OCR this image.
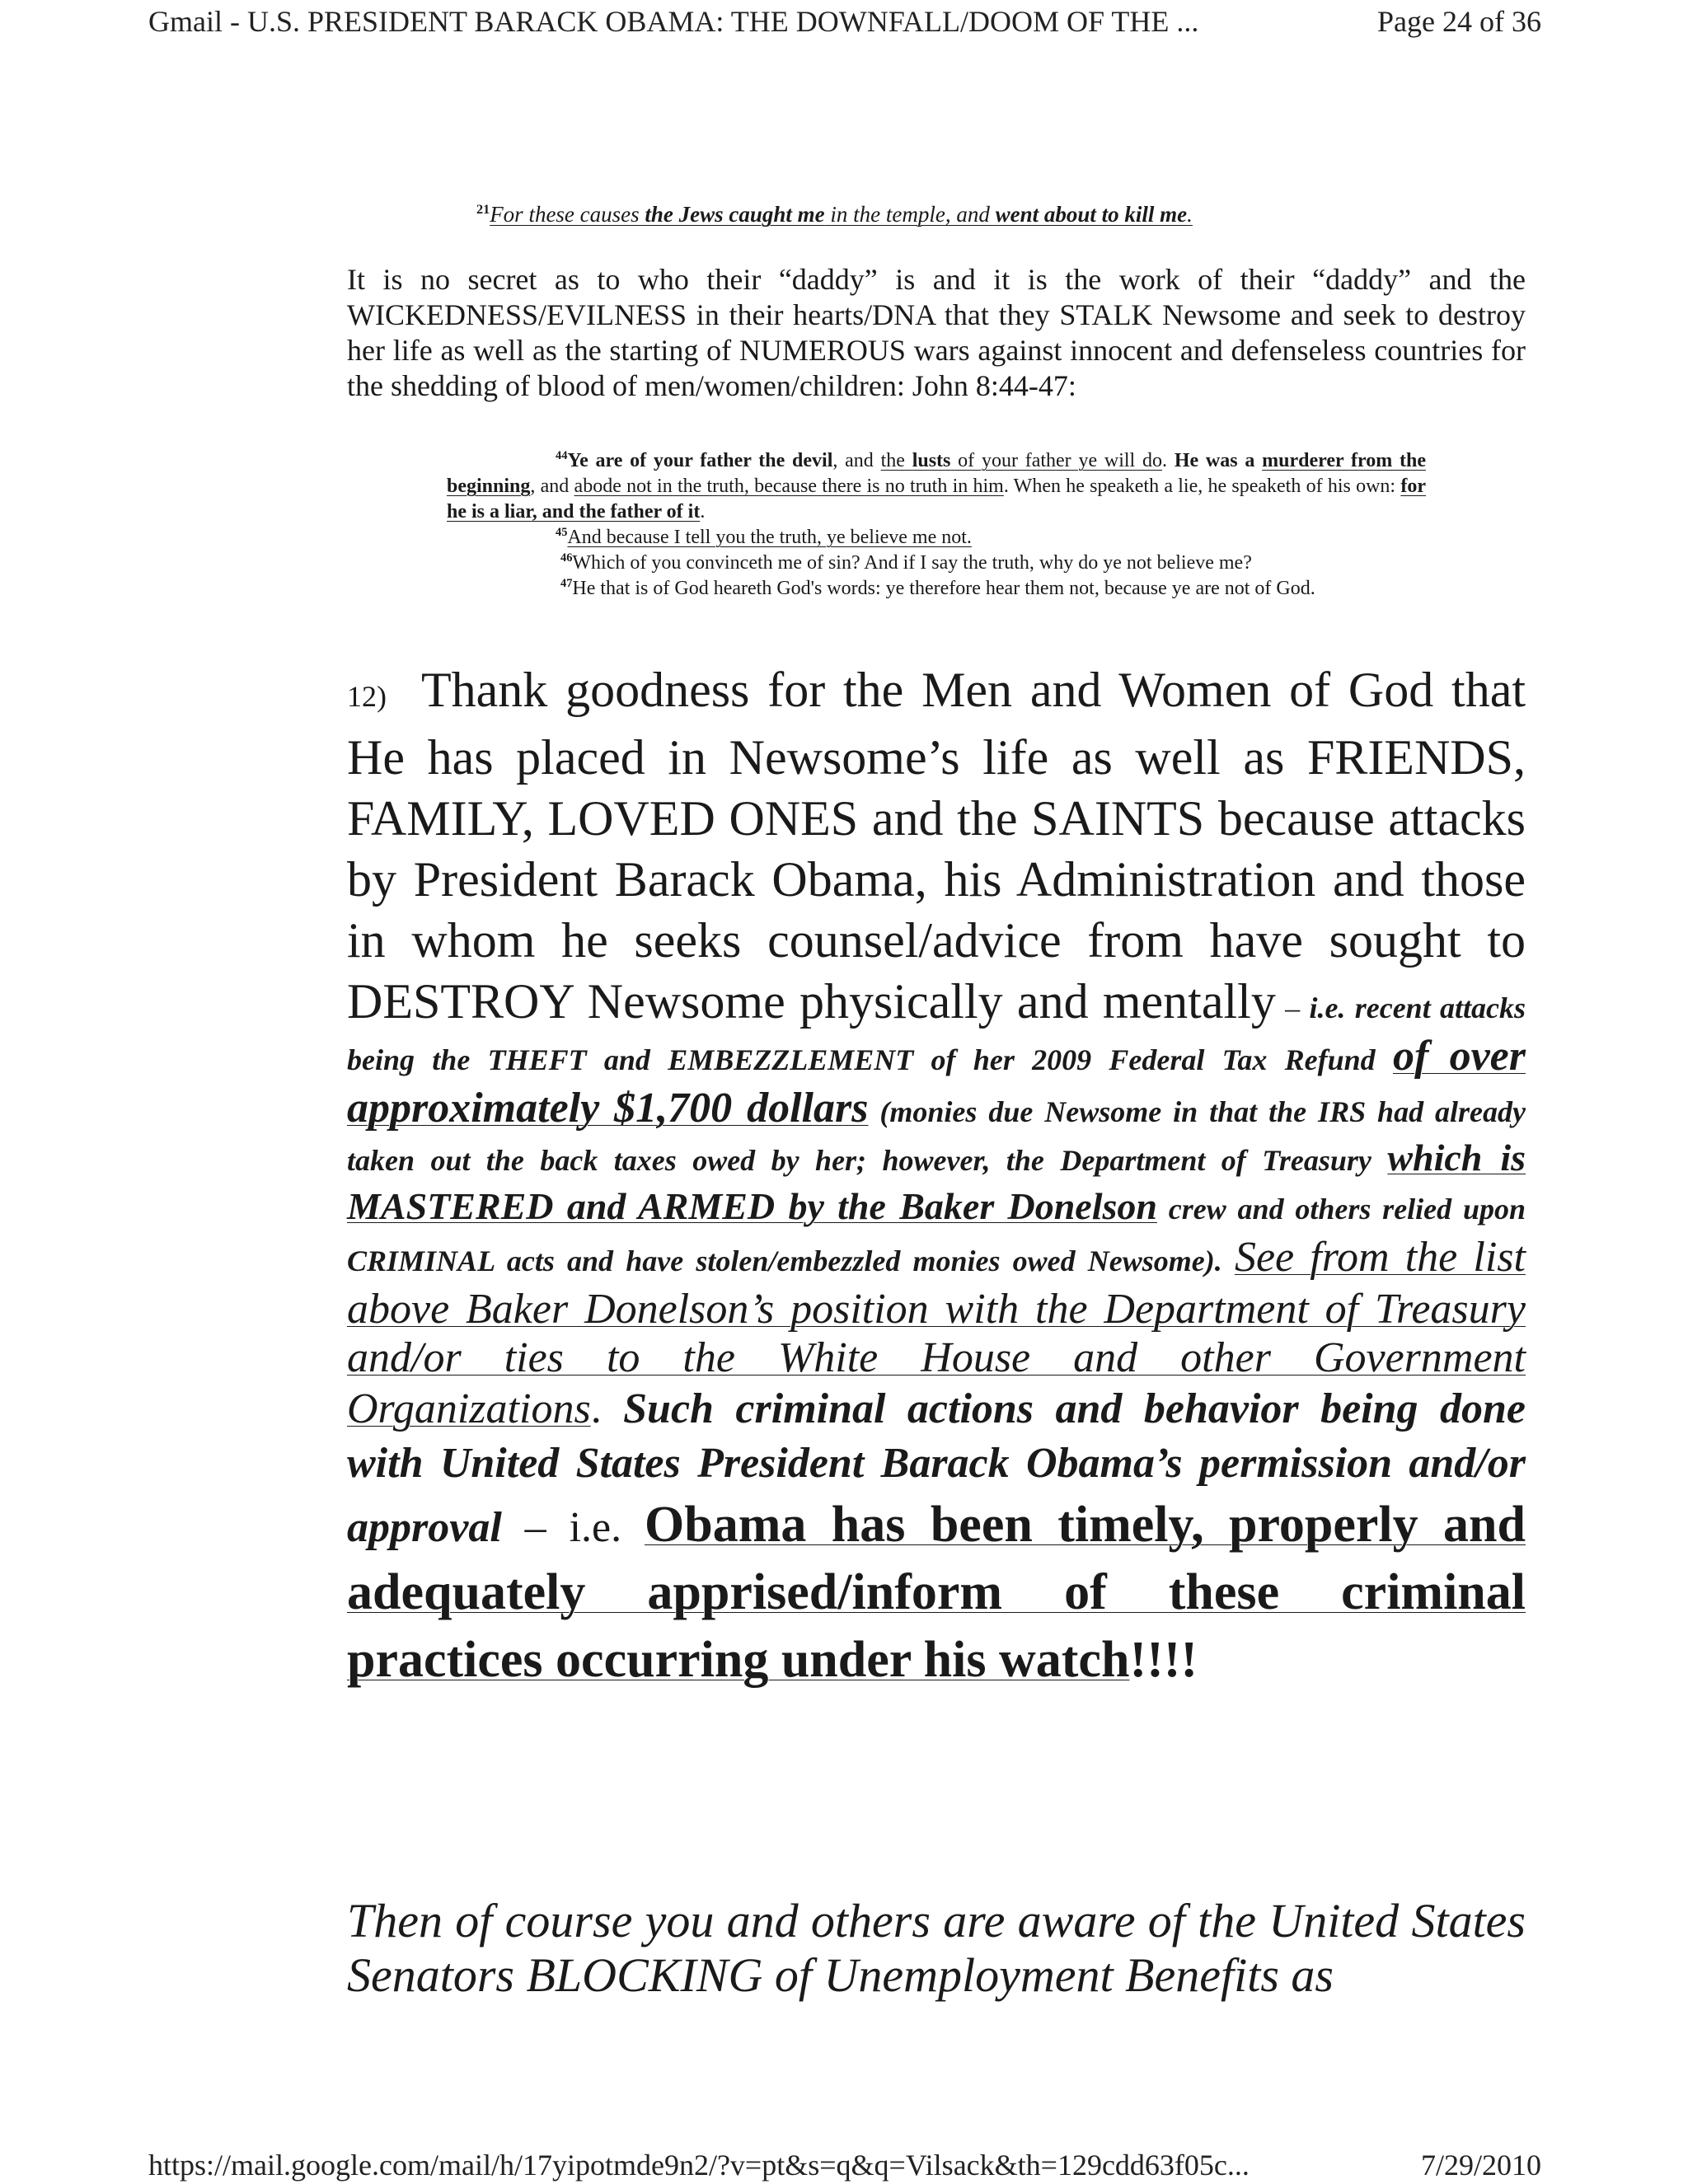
Gmail - U.S. PRESIDENT BARACK OBAMA: THE DOWNFALL/DOOM OF THE ...	Page 24 of 36
$^{21}$For these causes the Jews caught me in the temple, and went about to kill me.
It is no secret as to who their “daddy” is and it is the work of their “daddy” and the WICKEDNESS/EVILNESS in their hearts/DNA that they STALK Newsome and seek to destroy her life as well as the starting of NUMEROUS wars against innocent and defenseless countries for the shedding of blood of men/women/children: John 8:44-47:
$^{44}$Ye are of your father the devil, and the lusts of your father ye will do. He was a murderer from the beginning, and abode not in the truth, because there is no truth in him. When he speaketh a lie, he speaketh of his own: for he is a liar, and the father of it.
$^{45}$And because I tell you the truth, ye believe me not.
$^{46}$Which of you convinceth me of sin? And if I say the truth, why do ye not believe me?
$^{47}$He that is of God heareth God's words: ye therefore hear them not, because ye are not of God.
12) Thank goodness for the Men and Women of God that He has placed in Newsome’s life as well as FRIENDS, FAMILY, LOVED ONES and the SAINTS because attacks by President Barack Obama, his Administration and those in whom he seeks counsel/advice from have sought to DESTROY Newsome physically and mentally – i.e. recent attacks being the THEFT and EMBEZZLEMENT of her 2009 Federal Tax Refund of over approximately $1,700 dollars (monies due Newsome in that the IRS had already taken out the back taxes owed by her; however, the Department of Treasury which is MASTERED and ARMED by the Baker Donelson crew and others relied upon CRIMINAL acts and have stolen/embezzled monies owed Newsome). See from the list above Baker Donelson’s position with the Department of Treasury and/or ties to the White House and other Government Organizations. Such criminal actions and behavior being done with United States President Barack Obama’s permission and/or approval – i.e. Obama has been timely, properly and adequately apprised/inform of these criminal practices occurring under his watch!!!!
Then of course you and others are aware of the United States Senators BLOCKING of Unemployment Benefits as
https://mail.google.com/mail/h/17yipotmde9n2/?v=pt&s=q&q=Vilsack&th=129cdd63f05c...	7/29/2010
